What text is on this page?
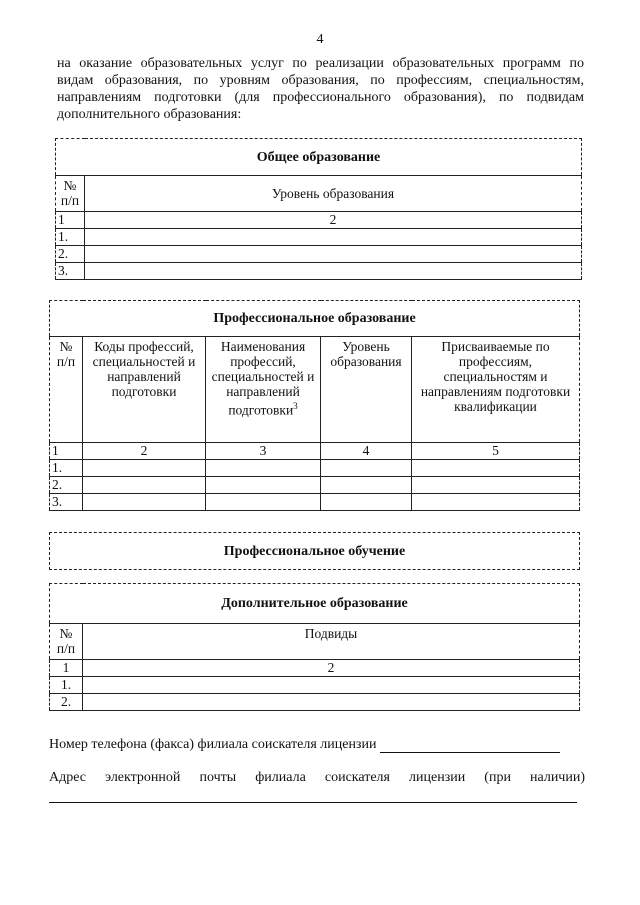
4
на оказание образовательных услуг по реализации образовательных программ по
видам образования, по уровням образования, по профессиям, специальностям,
направлениям подготовки (для профессионального образования), по подвидам
дополнительного образования:
Общее образование	
№
п/п	Уровень образования
1	2
1.	
2.	
3.	
Профессиональное образование				
№
п/п	Коды профессий, специальностей и направлений подготовки	Наименования профессий, специальностей и направлений подготовки$^3$	Уровень образования	Присваиваемые по профессиям, специальностям и направлениям подготовки квалификации
1	2	3	4	5
1.				
2.				
3.				
Профессиональное обучение
Дополнительное образование	
№
п/п	Подвиды
1	2
1.	
2.	
Номер телефона (факса) филиала соискателя лицензии
Адрес электронной почты филиала соискателя лицензии (при наличии)
